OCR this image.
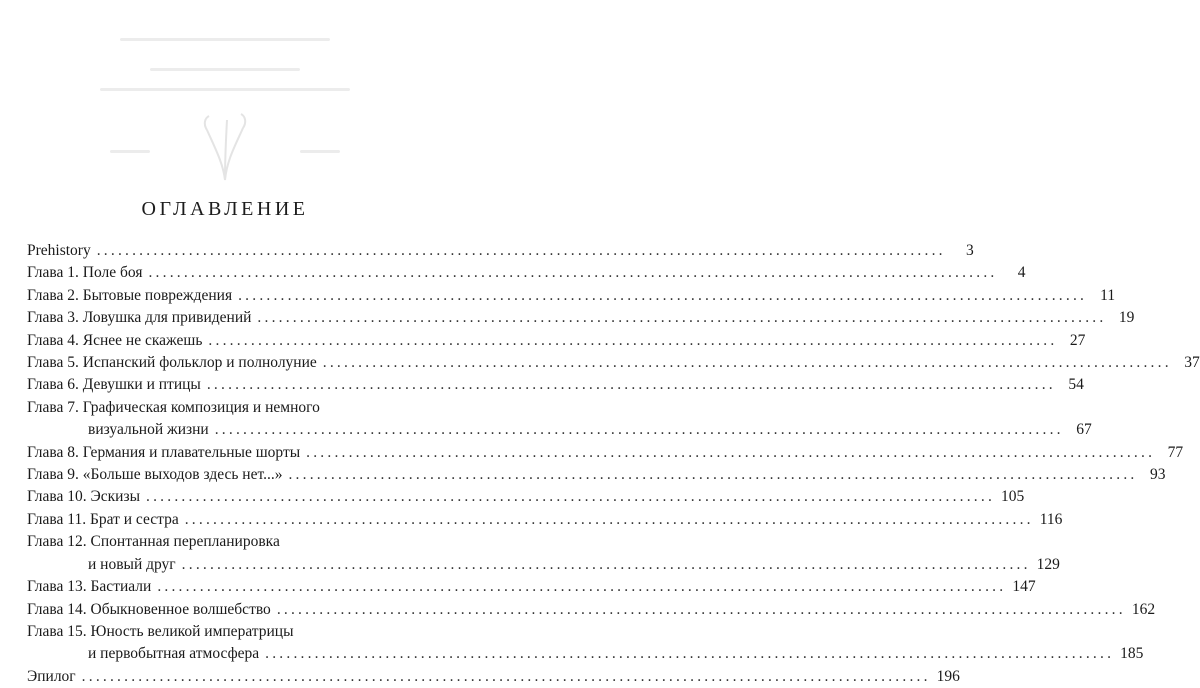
ОГЛАВЛЕНИЕ
Prehistory ........................................................................................................................	3
Глава 1. Поле боя ........................................................................................................................	4
Глава 2. Бытовые повреждения ........................................................................................................................ 11
Глава 3. Ловушка для привидений ........................................................................................................................ 19
Глава 4. Яснее не скажешь ........................................................................................................................ 27
Глава 5. Испанский фольклор и полнолуние ........................................................................................................................ 37
Глава 6. Девушки и птицы ........................................................................................................................ 54
Глава 7. Графическая композиция и немного
визуальной жизни ........................................................................................................................ 67
Глава 8. Германия и плавательные шорты ........................................................................................................................ 77
Глава 9. «Больше выходов здесь нет...» ........................................................................................................................ 93
Глава 10. Эскизы ........................................................................................................................ 105
Глава 11. Брат и сестра ........................................................................................................................ 116
Глава 12. Спонтанная перепланировка
и новый друг ........................................................................................................................ 129
Глава 13. Бастиали ........................................................................................................................ 147
Глава 14. Обыкновенное волшебство ........................................................................................................................ 162
Глава 15. Юность великой императрицы
и первобытная атмосфера ........................................................................................................................ 185
Эпилог ........................................................................................................................ 196
